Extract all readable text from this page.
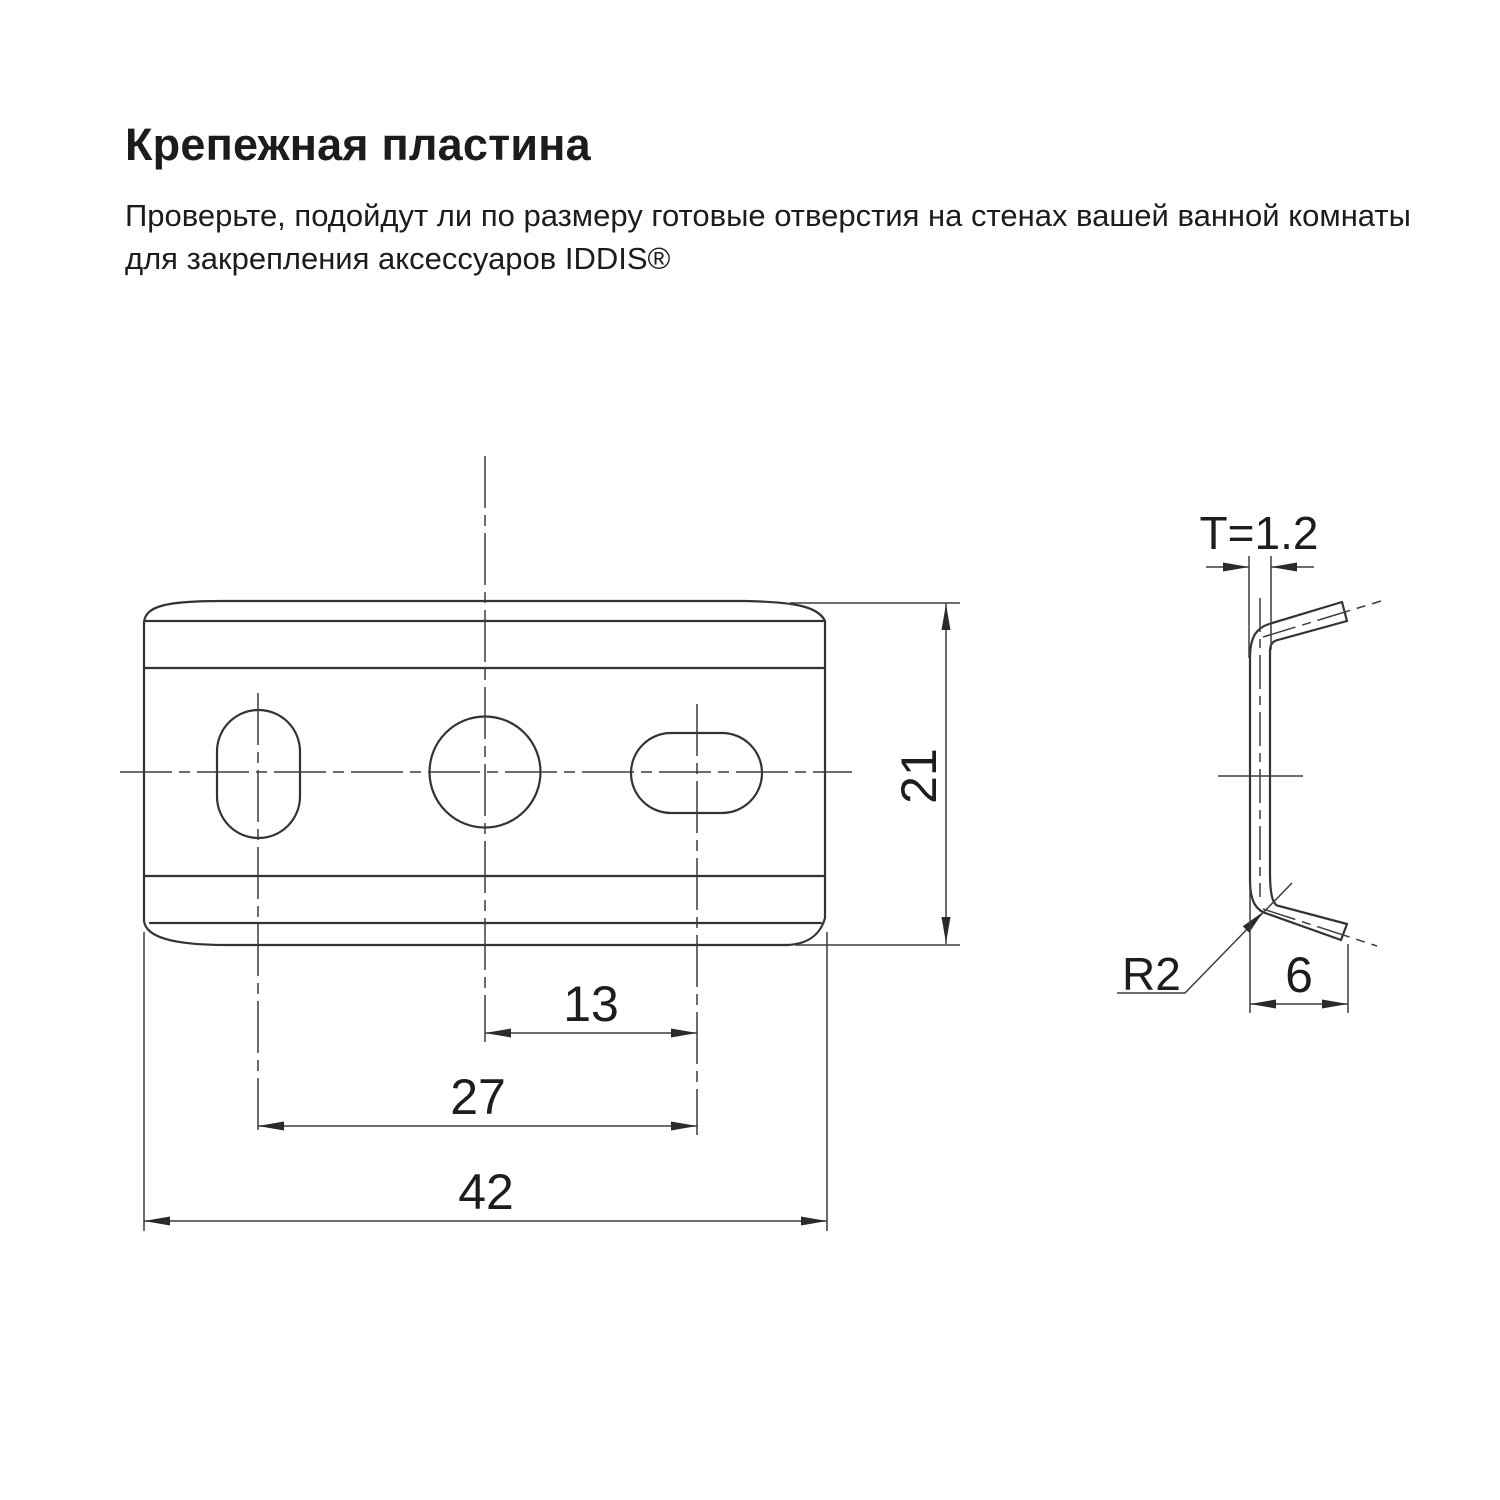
Крепежная пластина

Проверьте, подойдут ли по размеру готовые отверстия на стенах вашей ванной комнаты
для закрепления аксессуаров IDDIS®

13
27
42
21
T=1.2
R2 6
